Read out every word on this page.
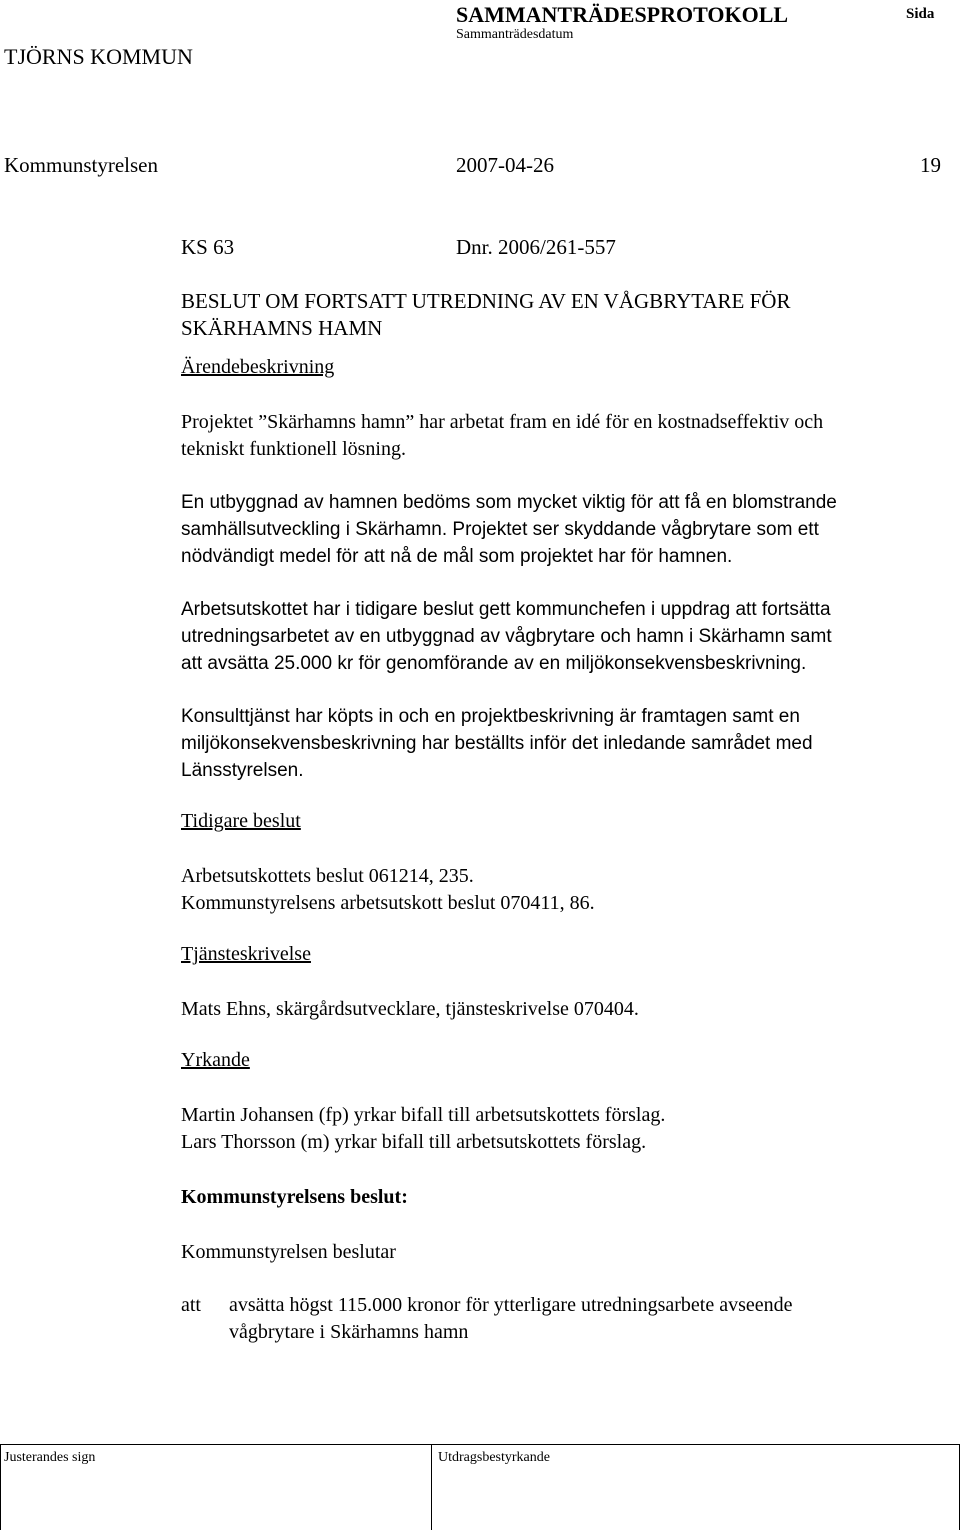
TJÖRNS KOMMUN
SAMMANTRÄDESPROTOKOLL
Sammanträdesdatum
Sida
Kommunstyrelsen	2007-04-26	19
KS 63	Dnr. 2006/261-557

BESLUT OM FORTSATT UTREDNING AV EN VÅGBRYTARE FÖR SKÄRHAMNS HAMN

Ärendebeskrivning

Projektet ”Skärhamns hamn” har arbetat fram en idé för en kostnadseffektiv och
tekniskt funktionell lösning.

En utbyggnad av hamnen bedöms som mycket viktig för att få en blomstrande
samhällsutveckling i Skärhamn. Projektet ser skyddande vågbrytare som ett
nödvändigt medel för att nå de mål som projektet har för hamnen.

Arbetsutskottet har i tidigare beslut gett kommunchefen i uppdrag att fortsätta
utredningsarbetet av en utbyggnad av vågbrytare och hamn i Skärhamn samt
att avsätta 25.000 kr för genomförande av en miljökonsekvensbeskrivning.

Konsulttjänst har köpts in och en projektbeskrivning är framtagen samt en
miljökonsekvensbeskrivning har beställts inför det inledande samrådet med
Länsstyrelsen.

Tidigare beslut

Arbetsutskottets beslut 061214, 235.
Kommunstyrelsens arbetsutskott beslut 070411, 86.

Tjänsteskrivelse

Mats Ehns, skärgårdsutvecklare, tjänsteskrivelse 070404.

Yrkande

Martin Johansen (fp) yrkar bifall till arbetsutskottets förslag.
Lars Thorsson (m) yrkar bifall till arbetsutskottets förslag.

Kommunstyrelsens beslut:

Kommunstyrelsen beslutar

att	avsätta högst 115.000 kronor för ytterligare utredningsarbete avseende
vågbrytare i Skärhamns hamn
Justerandes sign	Utdragsbestyrkande
